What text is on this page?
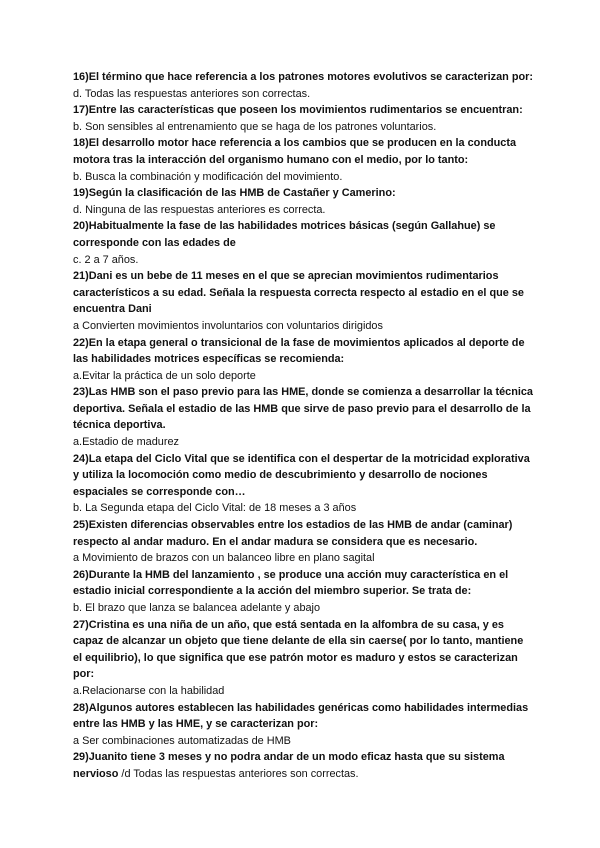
16)El término que hace referencia a los patrones motores evolutivos se caracterizan por:
d. Todas las respuestas anteriores son correctas.
17)Entre las características que poseen los movimientos rudimentarios se encuentran:
b. Son sensibles al entrenamiento que se haga de los patrones voluntarios.
18)El desarrollo motor hace referencia a los cambios que se producen en la conducta motora tras la interacción del organismo humano con el medio, por lo tanto:
b. Busca la combinación y modificación del movimiento.
19)Según la clasificación de las HMB de Castañer y Camerino:
d. Ninguna de las respuestas anteriores es correcta.
20)Habitualmente la fase de las habilidades motrices básicas (según Gallahue) se corresponde con las edades de
c. 2 a 7 años.
21)Dani es un bebe de 11 meses en el que se aprecian movimientos rudimentarios característicos a su edad. Señala la respuesta correcta respecto al estadio en el que se encuentra Dani
a Convierten movimientos involuntarios con voluntarios dirigidos
22)En la etapa general o transicional de la fase de movimientos aplicados al deporte de las habilidades motrices específicas se recomienda:
a.Evitar la práctica de un solo deporte
23)Las HMB son el paso previo para las HME, donde se comienza a desarrollar la técnica deportiva. Señala el estadio de las HMB que sirve de paso previo para el desarrollo de la técnica deportiva.
a.Estadio de madurez
24)La etapa del Ciclo Vital que se identifica con el despertar de la motricidad explorativa y utiliza la locomoción como medio de descubrimiento y desarrollo de nociones espaciales se corresponde con…
b. La Segunda etapa del Ciclo Vital: de 18 meses a 3 años
25)Existen diferencias observables entre los estadios de las HMB de andar (caminar) respecto al andar maduro. En el andar madura se considera que es necesario.
a Movimiento de brazos con un balanceo libre en plano sagital
26)Durante la HMB del lanzamiento , se produce una acción muy característica en el estadio inicial correspondiente a la acción del miembro superior. Se trata de:
b. El brazo que lanza se balancea adelante y abajo
27)Cristina es una niña de un año, que está sentada en la alfombra de su casa, y es capaz de alcanzar un objeto que tiene delante de ella sin caerse( por lo tanto, mantiene el equilibrio), lo que significa que ese patrón motor es maduro y estos se caracterizan por:
a.Relacionarse con la habilidad
28)Algunos autores establecen las habilidades genéricas como habilidades intermedias entre las HMB y las HME, y se caracterizan por:
a Ser combinaciones automatizadas de HMB
29)Juanito tiene 3 meses y no podra andar de un modo eficaz hasta que su sistema nervioso /d Todas las respuestas anteriores son correctas.
